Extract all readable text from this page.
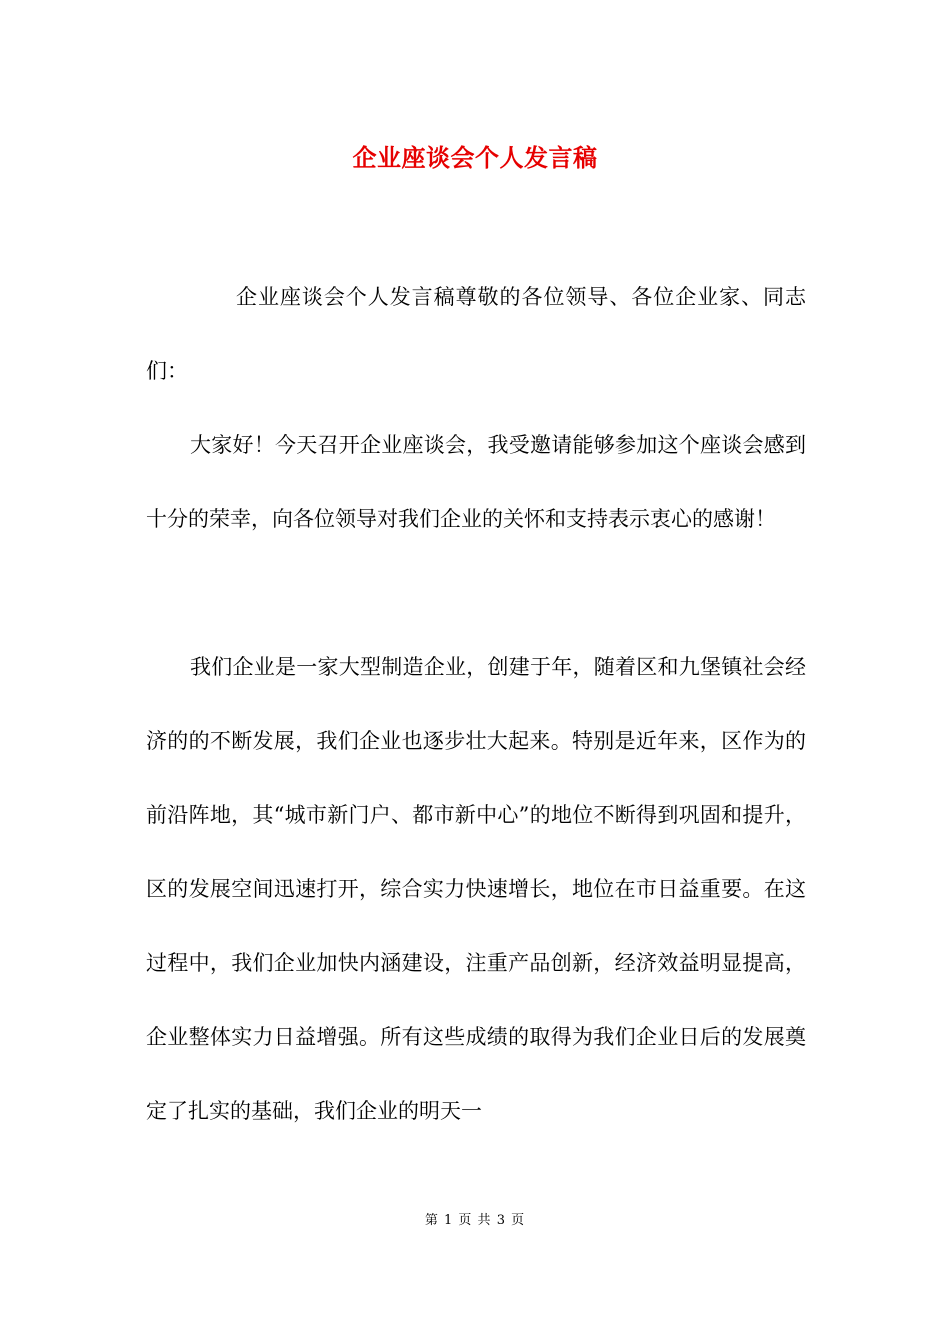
企业座谈会个人发言稿
企业座谈会个人发言稿尊敬的各位领导、各位企业家、同志们：
大家好！今天召开企业座谈会，我受邀请能够参加这个座谈会感到十分的荣幸，向各位领导对我们企业的关怀和支持表示衷心的感谢！
我们企业是一家大型制造企业，创建于年，随着区和九堡镇社会经济的的不断发展，我们企业也逐步壮大起来。特别是近年来，区作为的前沿阵地，其“城市新门户、都市新中心”的地位不断得到巩固和提升，区的发展空间迅速打开，综合实力快速增长，地位在市日益重要。在这过程中，我们企业加快内涵建设，注重产品创新，经济效益明显提高，企业整体实力日益增强。所有这些成绩的取得为我们企业日后的发展奠定了扎实的基础，我们企业的明天一
第 1 页 共 3 页
